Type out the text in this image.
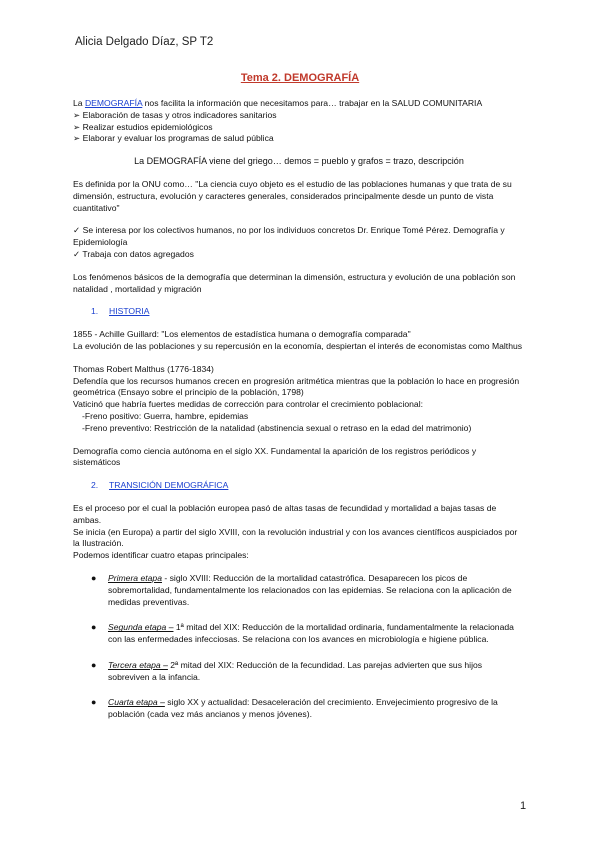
Alicia Delgado Díaz, SP T2
Tema 2. DEMOGRAFÍA

La DEMOGRAFÍA nos facilita la información que necesitamos para… trabajar en la SALUD COMUNITARIA

➢ Elaboración de tasas y otros indicadores sanitarios

➢ Realizar estudios epidemiológicos

➢ Elaborar y evaluar los programas de salud pública

La DEMOGRAFÍA viene del griego… demos = pueblo y grafos = trazo, descripción

Es definida por la ONU como… "La ciencia cuyo objeto es el estudio de las poblaciones humanas y que trata de su dimensión, estructura, evolución y caracteres generales, considerados principalmente desde un punto de vista cuantitativo"

✓ Se interesa por los colectivos humanos, no por los individuos concretos Dr. Enrique Tomé Pérez. Demografía y Epidemiología

✓ Trabaja con datos agregados

Los fenómenos básicos de la demografía que determinan la dimensión, estructura y evolución de una población son natalidad , mortalidad y migración

1. HISTORIA

1855 - Achille Guillard: "Los elementos de estadística humana o demografía comparada"

La evolución de las poblaciones y su repercusión en la economía, despiertan el interés de economistas como Malthus

Thomas Robert Malthus (1776-1834)

Defendía que los recursos humanos crecen en progresión aritmética mientras que la población lo hace en progresión geométrica (Ensayo sobre el principio de la población, 1798)

Vaticinó que habría fuertes medidas de corrección para controlar el crecimiento poblacional:

-Freno positivo: Guerra, hambre, epidemias

-Freno preventivo: Restricción de la natalidad (abstinencia sexual o retraso en la edad del matrimonio)

Demografía como ciencia autónoma en el siglo XX. Fundamental la aparición de los registros periódicos y sistemáticos

2. TRANSICIÓN DEMOGRÁFICA

Es el proceso por el cual la población europea pasó de altas tasas de fecundidad y mortalidad a bajas tasas de ambas.

Se inicia (en Europa) a partir del siglo XVIII, con la revolución industrial y con los avances científicos auspiciados por la Ilustración.

Podemos identificar cuatro etapas principales:

● Primera etapa - siglo XVIII: Reducción de la mortalidad catastrófica. Desaparecen los picos de sobremortalidad, fundamentalmente los relacionados con las epidemias. Se relaciona con la aplicación de medidas preventivas.
● Segunda etapa – 1ª mitad del XIX: Reducción de la mortalidad ordinaria, fundamentalmente la relacionada con las enfermedades infecciosas. Se relaciona con los avances en microbiología e higiene pública.
● Tercera etapa – 2ª mitad del XIX: Reducción de la fecundidad. Las parejas advierten que sus hijos sobreviven a la infancia.
● Cuarta etapa – siglo XX y actualidad: Desaceleración del crecimiento. Envejecimiento progresivo de la población (cada vez más ancianos y menos jóvenes).
1
